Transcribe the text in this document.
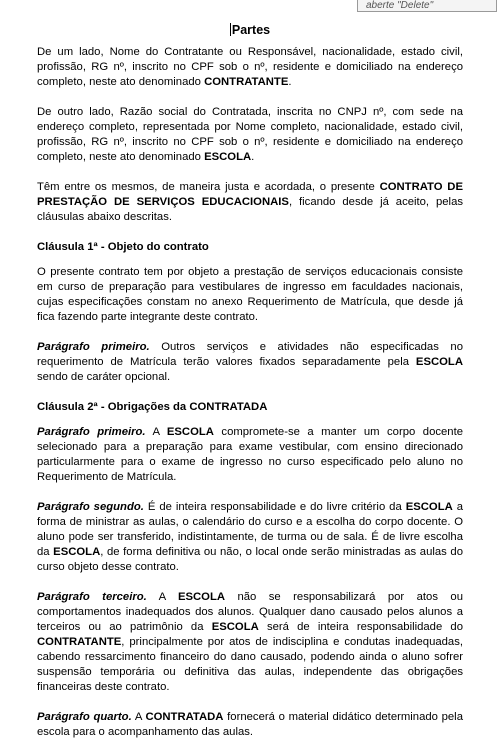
aberte "Delete"
Partes

De um lado, Nome do Contratante ou Responsável, nacionalidade, estado civil, profissão, RG nº, inscrito no CPF sob o nº, residente e domiciliado na endereço completo, neste ato denominado CONTRATANTE.

De outro lado, Razão social do Contratada, inscrita no CNPJ nº, com sede na endereço completo, representada por Nome completo, nacionalidade, estado civil, profissão, RG nº, inscrito no CPF sob o nº, residente e domiciliado na endereço completo, neste ato denominado ESCOLA.

Têm entre os mesmos, de maneira justa e acordada, o presente CONTRATO DE PRESTAÇÃO DE SERVIÇOS EDUCACIONAIS, ficando desde já aceito, pelas cláusulas abaixo descritas.

Cláusula 1ª - Objeto do contrato

O presente contrato tem por objeto a prestação de serviços educacionais consiste em curso de preparação para vestibulares de ingresso em faculdades nacionais, cujas especificações constam no anexo Requerimento de Matrícula, que desde já fica fazendo parte integrante deste contrato.

Parágrafo primeiro. Outros serviços e atividades não especificadas no requerimento de Matrícula terão valores fixados separadamente pela ESCOLA sendo de caráter opcional.

Cláusula 2ª - Obrigações da CONTRATADA

Parágrafo primeiro. A ESCOLA compromete-se a manter um corpo docente selecionado para a preparação para exame vestibular, com ensino direcionado particularmente para o exame de ingresso no curso especificado pelo aluno no Requerimento de Matrícula.

Parágrafo segundo. É de inteira responsabilidade e do livre critério da ESCOLA a forma de ministrar as aulas, o calendário do curso e a escolha do corpo docente. O aluno pode ser transferido, indistintamente, de turma ou de sala. É de livre escolha da ESCOLA, de forma definitiva ou não, o local onde serão ministradas as aulas do curso objeto desse contrato.

Parágrafo terceiro. A ESCOLA não se responsabilizará por atos ou comportamentos inadequados dos alunos. Qualquer dano causado pelos alunos a terceiros ou ao patrimônio da ESCOLA será de inteira responsabilidade do CONTRATANTE, principalmente por atos de indisciplina e condutas inadequadas, cabendo ressarcimento financeiro do dano causado, podendo ainda o aluno sofrer suspensão temporária ou definitiva das aulas, independente das obrigações financeiras deste contrato.

Parágrafo quarto. A CONTRATADA fornecerá o material didático determinado pela escola para o acompanhamento das aulas.
